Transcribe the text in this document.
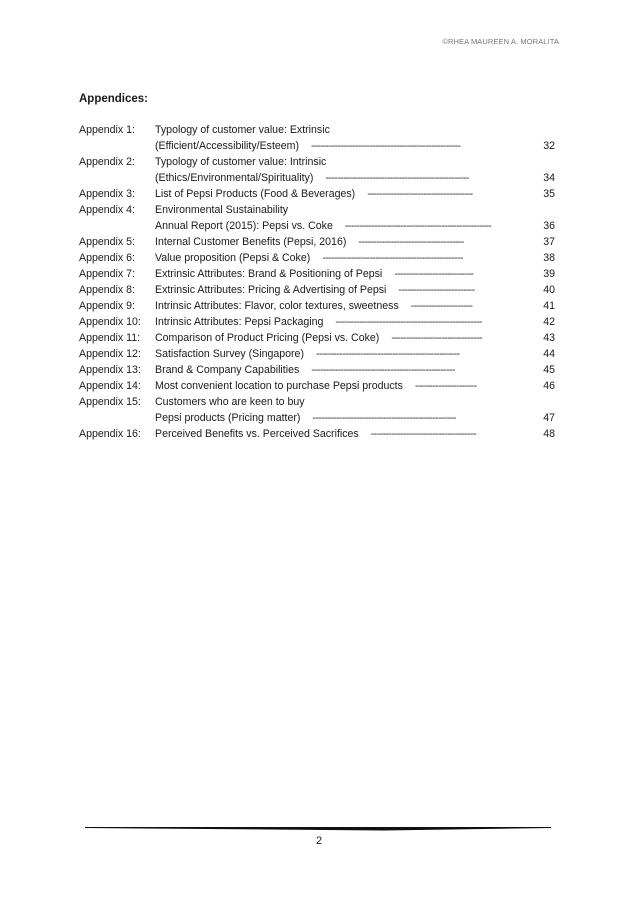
©RHEA MAUREEN A. MORALITA
Appendices:
Appendix 1:	Typology of customer value: Extrinsic
(Efficient/Accessibility/Esteem) ---------------------------------------------------	32
Appendix 2:	Typology of customer value: Intrinsic
(Ethics/Environmental/Spirituality) -------------------------------------------------	34
Appendix 3:	List of Pepsi Products (Food & Beverages) ------------------------------------	35
Appendix 4:	Environmental Sustainability
Annual Report (2015): Pepsi vs. Coke --------------------------------------------------	36
Appendix 5:	Internal Customer Benefits (Pepsi, 2016) ------------------------------------	37
Appendix 6:	Value proposition (Pepsi & Coke) ------------------------------------------------	38
Appendix 7:	Extrinsic Attributes: Brand & Positioning of Pepsi ---------------------------	39
Appendix 8:	Extrinsic Attributes: Pricing & Advertising of Pepsi --------------------------	40
Appendix 9:	Intrinsic Attributes: Flavor, color textures, sweetness ---------------------	41
Appendix 10:	Intrinsic Attributes: Pepsi Packaging --------------------------------------------------	42
Appendix 11:	Comparison of Product Pricing (Pepsi vs. Coke) -------------------------------	43
Appendix 12:	Satisfaction Survey (Singapore) -------------------------------------------------	44
Appendix 13:	Brand & Company Capabilities -------------------------------------------------	45
Appendix 14:	Most convenient location to purchase Pepsi products ---------------------	46
Appendix 15:	Customers who are keen to buy
Pepsi products (Pricing matter) -------------------------------------------------	47
Appendix 16:	Perceived Benefits vs. Perceived Sacrifices ------------------------------------	48
2
